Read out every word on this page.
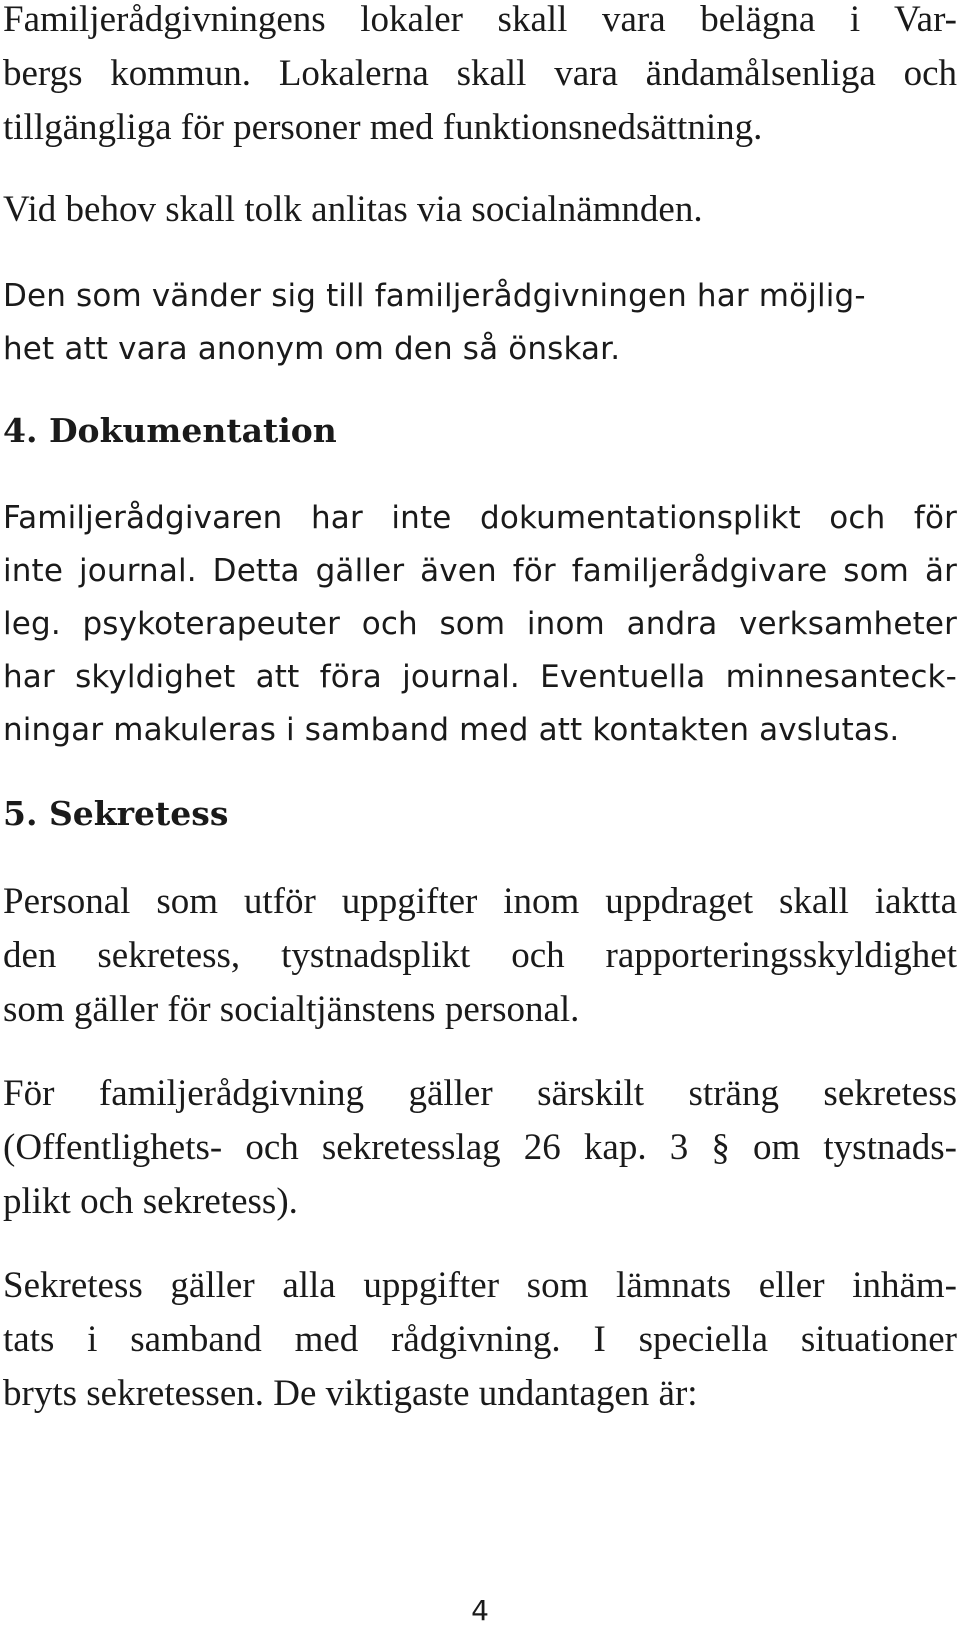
Familjerådgivningens lokaler skall vara belägna i Var-

bergs kommun. Lokalerna skall vara ändamålsenliga och

tillgängliga för personer med funktionsnedsättning.

Vid behov skall tolk anlitas via socialnämnden.

Den som vänder sig till familjerådgivningen har möjlig-

het att vara anonym om den så önskar.

4. Dokumentation

Familjerådgivaren har inte dokumentationsplikt och för

inte journal. Detta gäller även för familjerådgivare som är

leg. psykoterapeuter och som inom andra verksamheter

har skyldighet att föra journal. Eventuella minnesanteck-

ningar makuleras i samband med att kontakten avslutas.

5. Sekretess

Personal som utför uppgifter inom uppdraget skall iaktta

den sekretess, tystnadsplikt och rapporteringsskyldighet

som gäller för socialtjänstens personal.

För familjerådgivning gäller särskilt sträng sekretess

(Offentlighets- och sekretesslag 26 kap. 3 § om tystnads-

plikt och sekretess).

Sekretess gäller alla uppgifter som lämnats eller inhäm-

tats i samband med rådgivning. I speciella situationer

bryts sekretessen. De viktigaste undantagen är:

4
